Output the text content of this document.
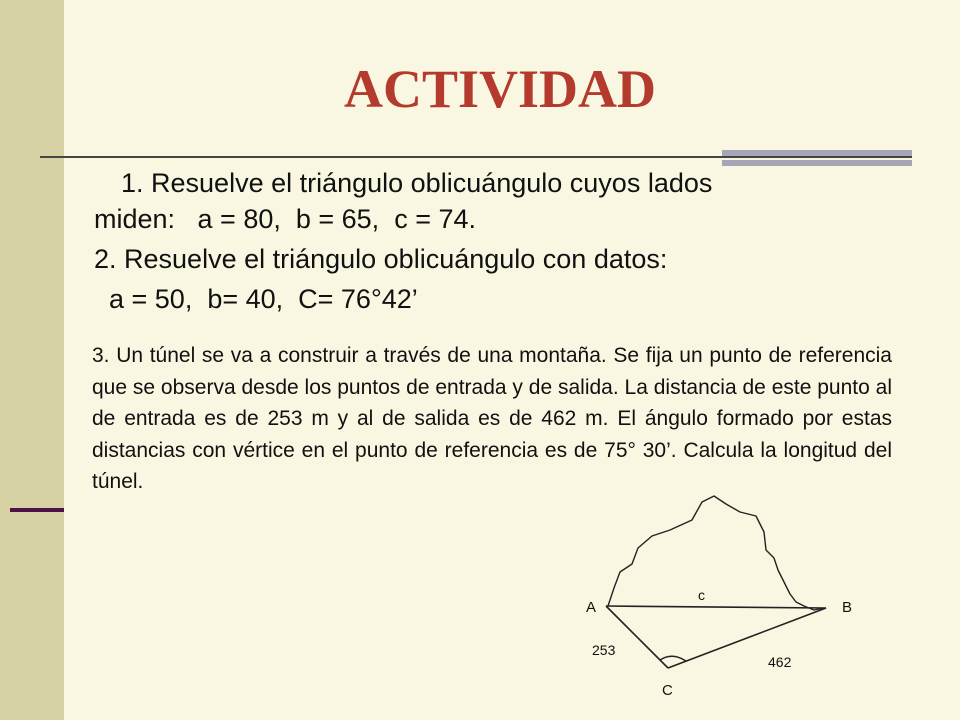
ACTIVIDAD

1. Resuelve el triángulo oblicuángulo cuyos lados

miden:   a = 80,  b = 65,  c = 74.

2. Resuelve el triángulo oblicuángulo con datos:

a = 50,  b= 40,  C= 76°42’

3. Un túnel se va a construir a través de una montaña. Se fija un punto de referencia que se observa desde los puntos de entrada y de salida. La distancia de este punto al de entrada es de 253 m y al de salida es de 462 m. El ángulo formado por estas distancias con vértice en el punto de referencia es de 75° 30’. Calcula la longitud del túnel.

A	B
c
253
462
C
